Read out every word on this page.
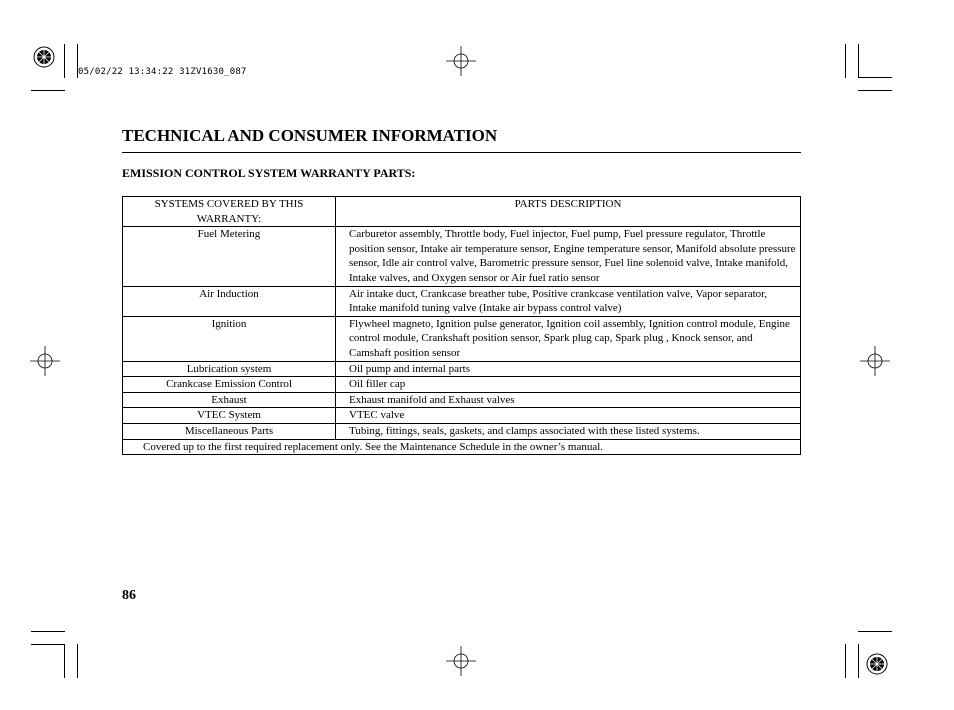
05/02/22 13:34:22 31ZV1630_087
TECHNICAL AND CONSUMER INFORMATION
EMISSION CONTROL SYSTEM WARRANTY PARTS:
SYSTEMS COVERED BY THIS WARRANTY:	PARTS DESCRIPTION
Fuel Metering	Carburetor assembly, Throttle body, Fuel injector, Fuel pump, Fuel pressure regulator, Throttle position sensor, Intake air temperature sensor, Engine temperature sensor, Manifold absolute pressure sensor, Idle air control valve, Barometric pressure sensor, Fuel line solenoid valve, Intake manifold, Intake valves, and Oxygen sensor or Air fuel ratio sensor
Air Induction	Air intake duct, Crankcase breather tube, Positive crankcase ventilation valve, Vapor separator, Intake manifold tuning valve (Intake air bypass control valve)
Ignition	Flywheel magneto, Ignition pulse generator, Ignition coil assembly, Ignition control module, Engine control module, Crankshaft position sensor, Spark plug cap, Spark plug , Knock sensor, and Camshaft position sensor
Lubrication system	Oil pump and internal parts
Crankcase Emission Control	Oil filler cap
Exhaust	Exhaust manifold and Exhaust valves
VTEC System	VTEC valve
Miscellaneous Parts	Tubing, fittings, seals, gaskets, and clamps associated with these listed systems.
Covered up to the first required replacement only. See the Maintenance Schedule in the owner’s manual.	
86
